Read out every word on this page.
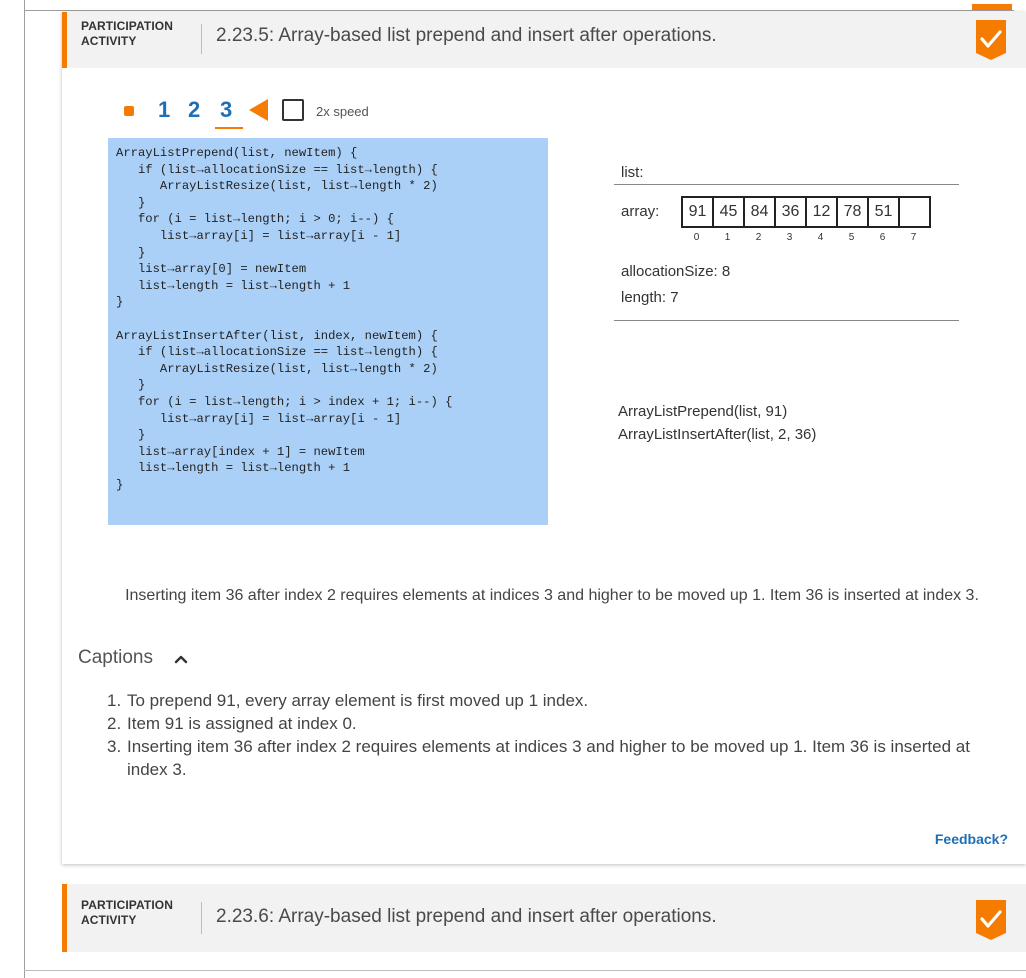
PARTICIPATION
ACTIVITY	2.23.5: Array-based list prepend and insert after operations.
1 2 3	2x speed
ArrayListPrepend(list, newItem) {
if (list→allocationSize == list→length) {
ArrayListResize(list, list→length * 2)
}
for (i = list→length; i > 0; i--) {
list→array[i] = list→array[i - 1]
}
list→array[0] = newItem
list→length = list→length + 1
}
ArrayListInsertAfter(list, index, newItem) {
if (list→allocationSize == list→length) {
ArrayListResize(list, list→length * 2)
}
for (i = list→length; i > index + 1; i--) {
list→array[i] = list→array[i - 1]
}
list→array[index + 1] = newItem
list→length = list→length + 1
}
list:
array:	91 45 84 36 12 78 51
0	1	2	3	4	5	6	7
allocationSize: 8
length: 7
ArrayListPrepend(list, 91)
ArrayListInsertAfter(list, 2, 36)
Inserting item 36 after index 2 requires elements at indices 3 and higher to be moved up 1. Item 36 is inserted at index 3.
Captions
1. To prepend 91, every array element is first moved up 1 index.
2. Item 91 is assigned at index 0.
3. Inserting item 36 after index 2 requires elements at indices 3 and higher to be moved up 1. Item 36 is inserted at index 3.
Feedback?
PARTICIPATION
ACTIVITY	2.23.6: Array-based list prepend and insert after operations.
